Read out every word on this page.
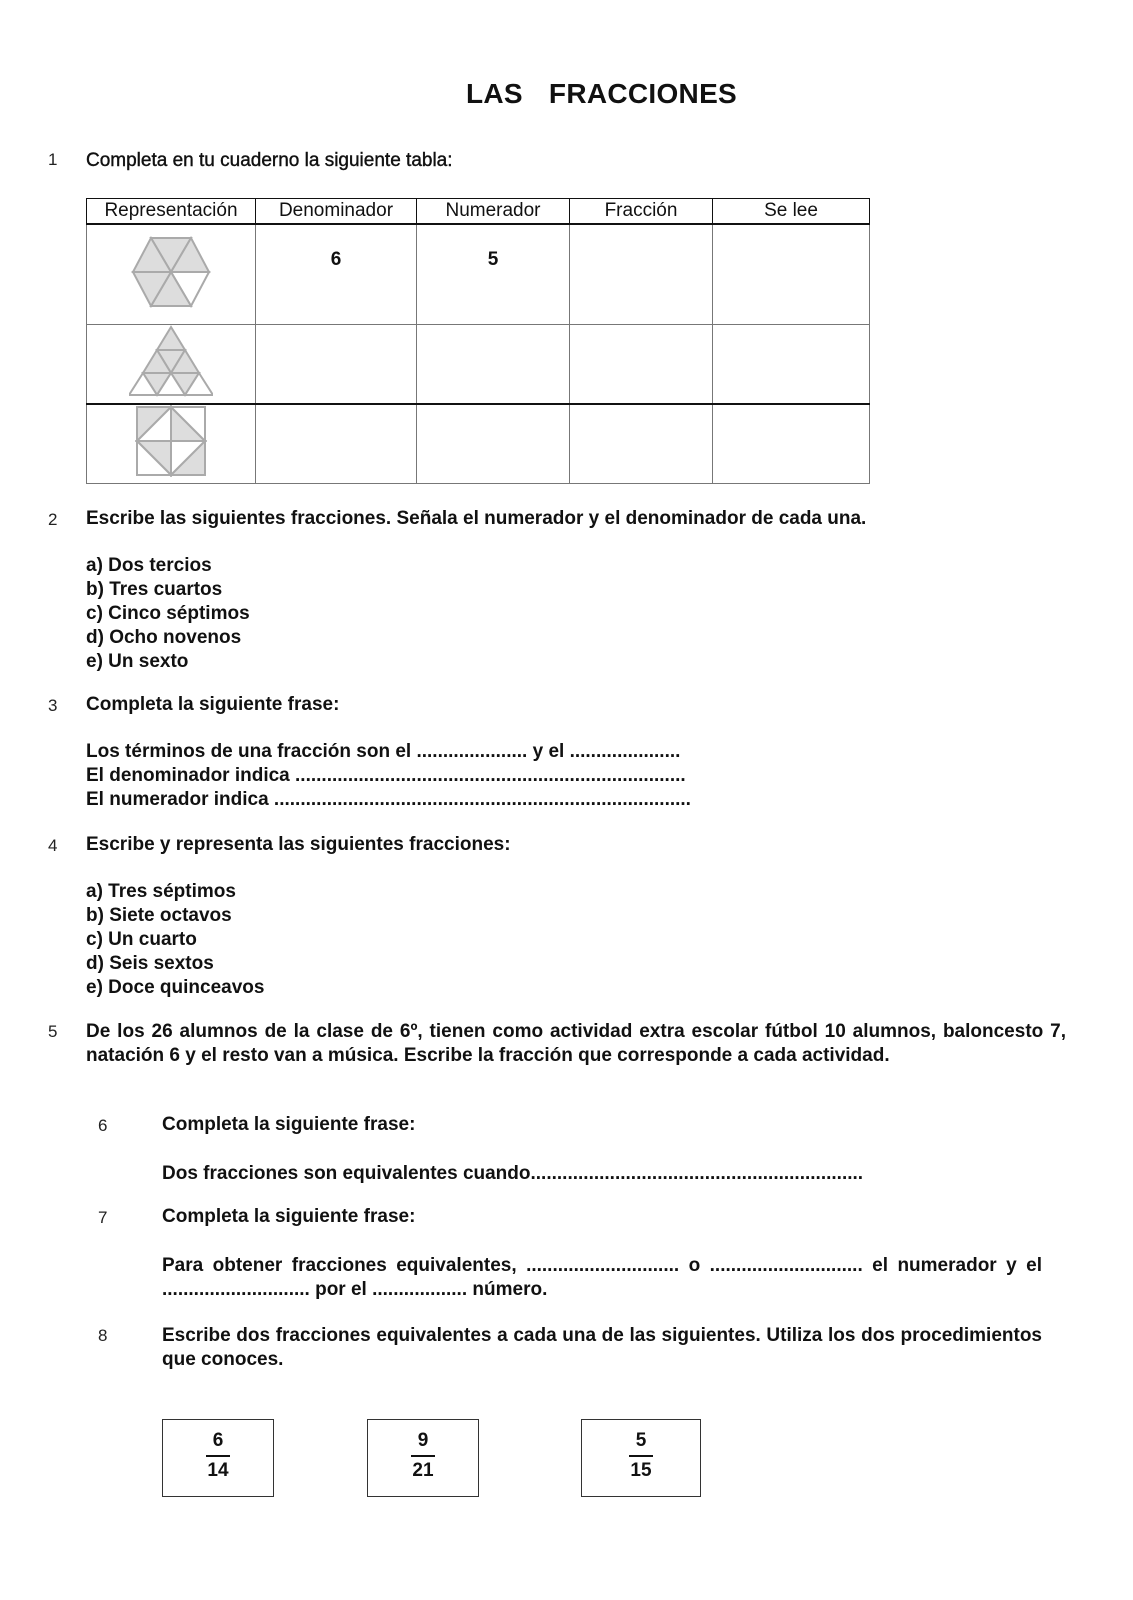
LAS FRACCIONES
1 Completa en tu cuaderno la siguiente tabla:
Representación	Denominador	Numerador	Fracción	Se lee
	6	5		

2 Escribe las siguientes fracciones. Señala el numerador y el denominador de cada una.
a) Dos tercios
b) Tres cuartos
c) Cinco séptimos
d) Ocho novenos
e) Un sexto
3 Completa la siguiente frase:
Los términos de una fracción son el ..................... y el .....................
El denominador indica ..........................................................................
El numerador indica ...............................................................................
4 Escribe y representa las siguientes fracciones:
a) Tres séptimos
b) Siete octavos
c) Un cuarto
d) Seis sextos
e) Doce quinceavos
5 De los 26 alumnos de la clase de 6º, tienen como actividad extra escolar fútbol 10 alumnos, baloncesto 7, natación 6 y el resto van a música. Escribe la fracción que corresponde a cada actividad.
6	Completa la siguiente frase:
Dos fracciones son equivalentes cuando...............................................................
7	Completa la siguiente frase:
Para obtener fracciones equivalentes, ............................. o ............................. el numerador y el ............................ por el .................. número.
8	Escribe dos fracciones equivalentes a cada una de las siguientes. Utiliza los dos procedimientos que conoces.
6
14
9
21
5
15
